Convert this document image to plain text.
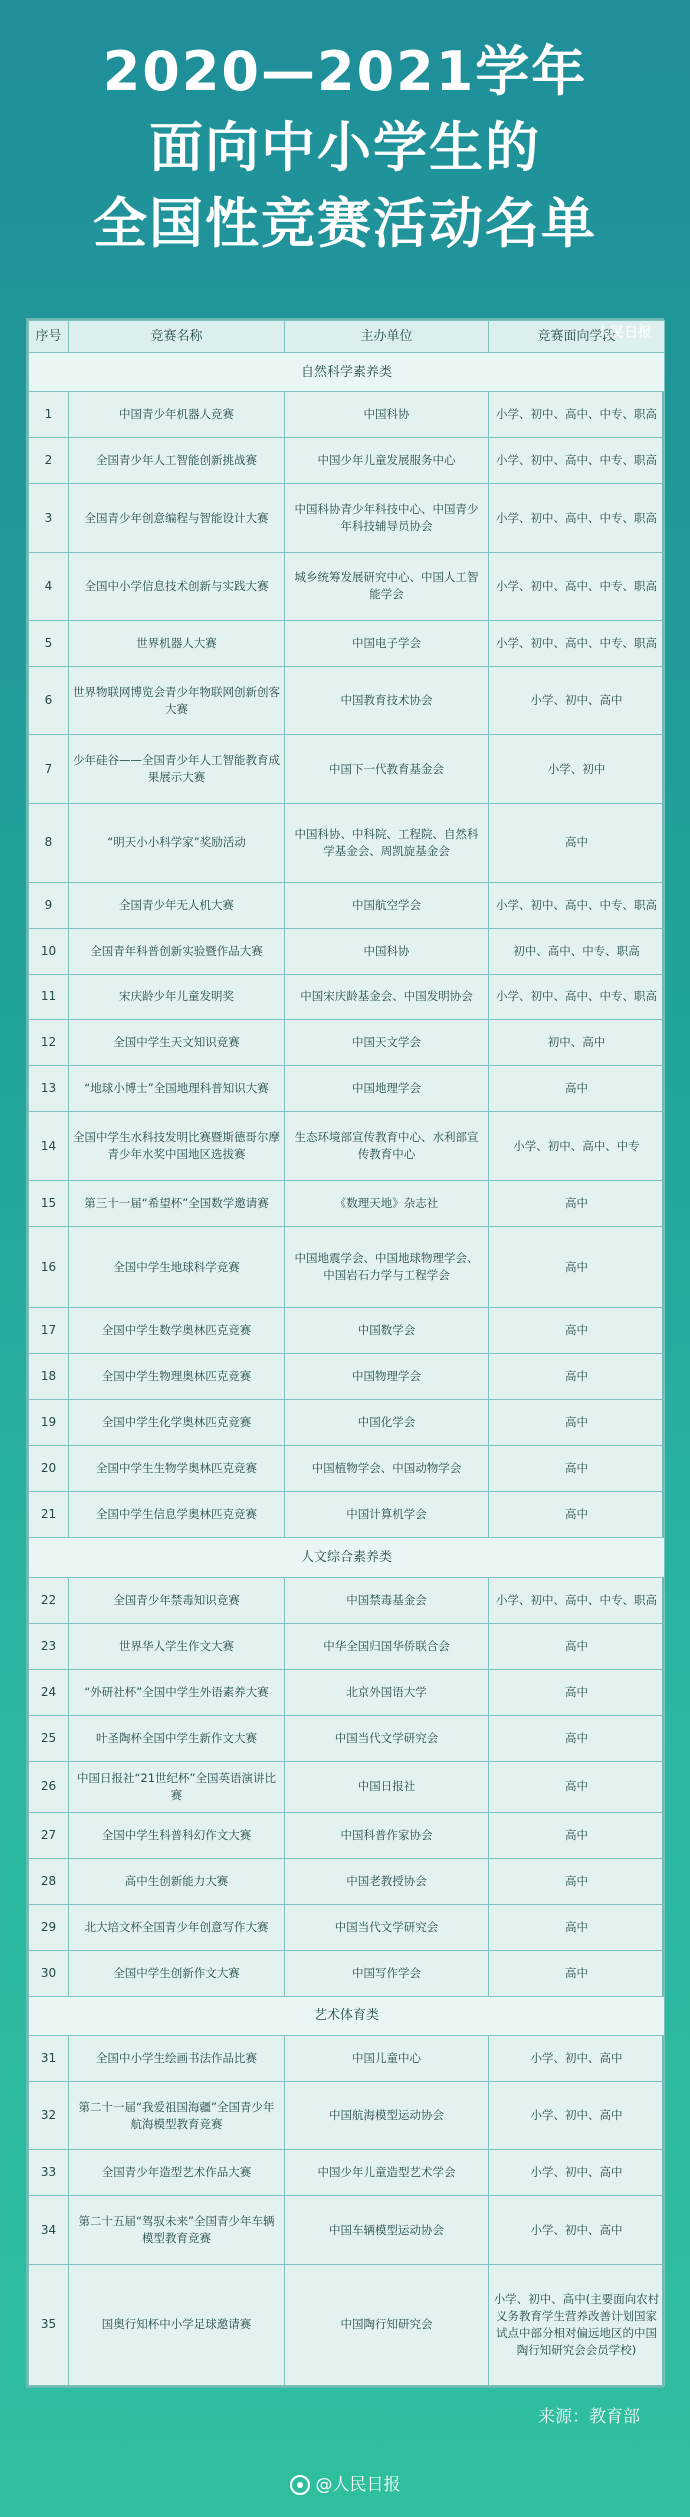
2020—2021学年
面向中小学生的
全国性竞赛活动名单
序号	竞赛名称	主办单位	竞赛面向学段
自然科学素养类			
1	中国青少年机器人竞赛	中国科协	小学、初中、高中、中专、职高
2	全国青少年人工智能创新挑战赛	中国少年儿童发展服务中心	小学、初中、高中、中专、职高
3	全国青少年创意编程与智能设计大赛	中国科协青少年科技中心、中国青少年科技辅导员协会	小学、初中、高中、中专、职高
4	全国中小学信息技术创新与实践大赛	城乡统筹发展研究中心、中国人工智能学会	小学、初中、高中、中专、职高
5	世界机器人大赛	中国电子学会	小学、初中、高中、中专、职高
6	世界物联网博览会青少年物联网创新创客大赛	中国教育技术协会	小学、初中、高中
7	少年硅谷——全国青少年人工智能教育成果展示大赛	中国下一代教育基金会	小学、初中
8	“明天小小科学家”奖励活动	中国科协、中科院、工程院、自然科学基金会、周凯旋基金会	高中
9	全国青少年无人机大赛	中国航空学会	小学、初中、高中、中专、职高
10	全国青年科普创新实验暨作品大赛	中国科协	初中、高中、中专、职高
11	宋庆龄少年儿童发明奖	中国宋庆龄基金会、中国发明协会	小学、初中、高中、中专、职高
12	全国中学生天文知识竞赛	中国天文学会	初中、高中
13	“地球小博士”全国地理科普知识大赛	中国地理学会	高中
14	全国中学生水科技发明比赛暨斯德哥尔摩青少年水奖中国地区选拔赛	生态环境部宣传教育中心、水利部宣传教育中心	小学、初中、高中、中专
15	第三十一届“希望杯”全国数学邀请赛	《数理天地》杂志社	高中
16	全国中学生地球科学竞赛	中国地震学会、中国地球物理学会、中国岩石力学与工程学会	高中
17	全国中学生数学奥林匹克竞赛	中国数学会	高中
18	全国中学生物理奥林匹克竞赛	中国物理学会	高中
19	全国中学生化学奥林匹克竞赛	中国化学会	高中
20	全国中学生生物学奥林匹克竞赛	中国植物学会、中国动物学会	高中
21	全国中学生信息学奥林匹克竞赛	中国计算机学会	高中
人文综合素养类			
22	全国青少年禁毒知识竞赛	中国禁毒基金会	小学、初中、高中、中专、职高
23	世界华人学生作文大赛	中华全国归国华侨联合会	高中
24	“外研社杯”全国中学生外语素养大赛	北京外国语大学	高中
25	叶圣陶杯全国中学生新作文大赛	中国当代文学研究会	高中
26	中国日报社“21世纪杯”全国英语演讲比赛	中国日报社	高中
27	全国中学生科普科幻作文大赛	中国科普作家协会	高中
28	高中生创新能力大赛	中国老教授协会	高中
29	北大培文杯全国青少年创意写作大赛	中国当代文学研究会	高中
30	全国中学生创新作文大赛	中国写作学会	高中
艺术体育类			
31	全国中小学生绘画书法作品比赛	中国儿童中心	小学、初中、高中
32	第二十一届“我爱祖国海疆”全国青少年航海模型教育竞赛	中国航海模型运动协会	小学、初中、高中
33	全国青少年造型艺术作品大赛	中国少年儿童造型艺术学会	小学、初中、高中
34	第二十五届“驾驭未来”全国青少年车辆模型教育竞赛	中国车辆模型运动协会	小学、初中、高中
35	国奥行知杯中小学足球邀请赛	中国陶行知研究会	小学、初中、高中(主要面向农村义务教育学生营养改善计划国家试点中部分相对偏远地区的中国陶行知研究会会员学校)
人民日报
来源：教育部
@人民日报
